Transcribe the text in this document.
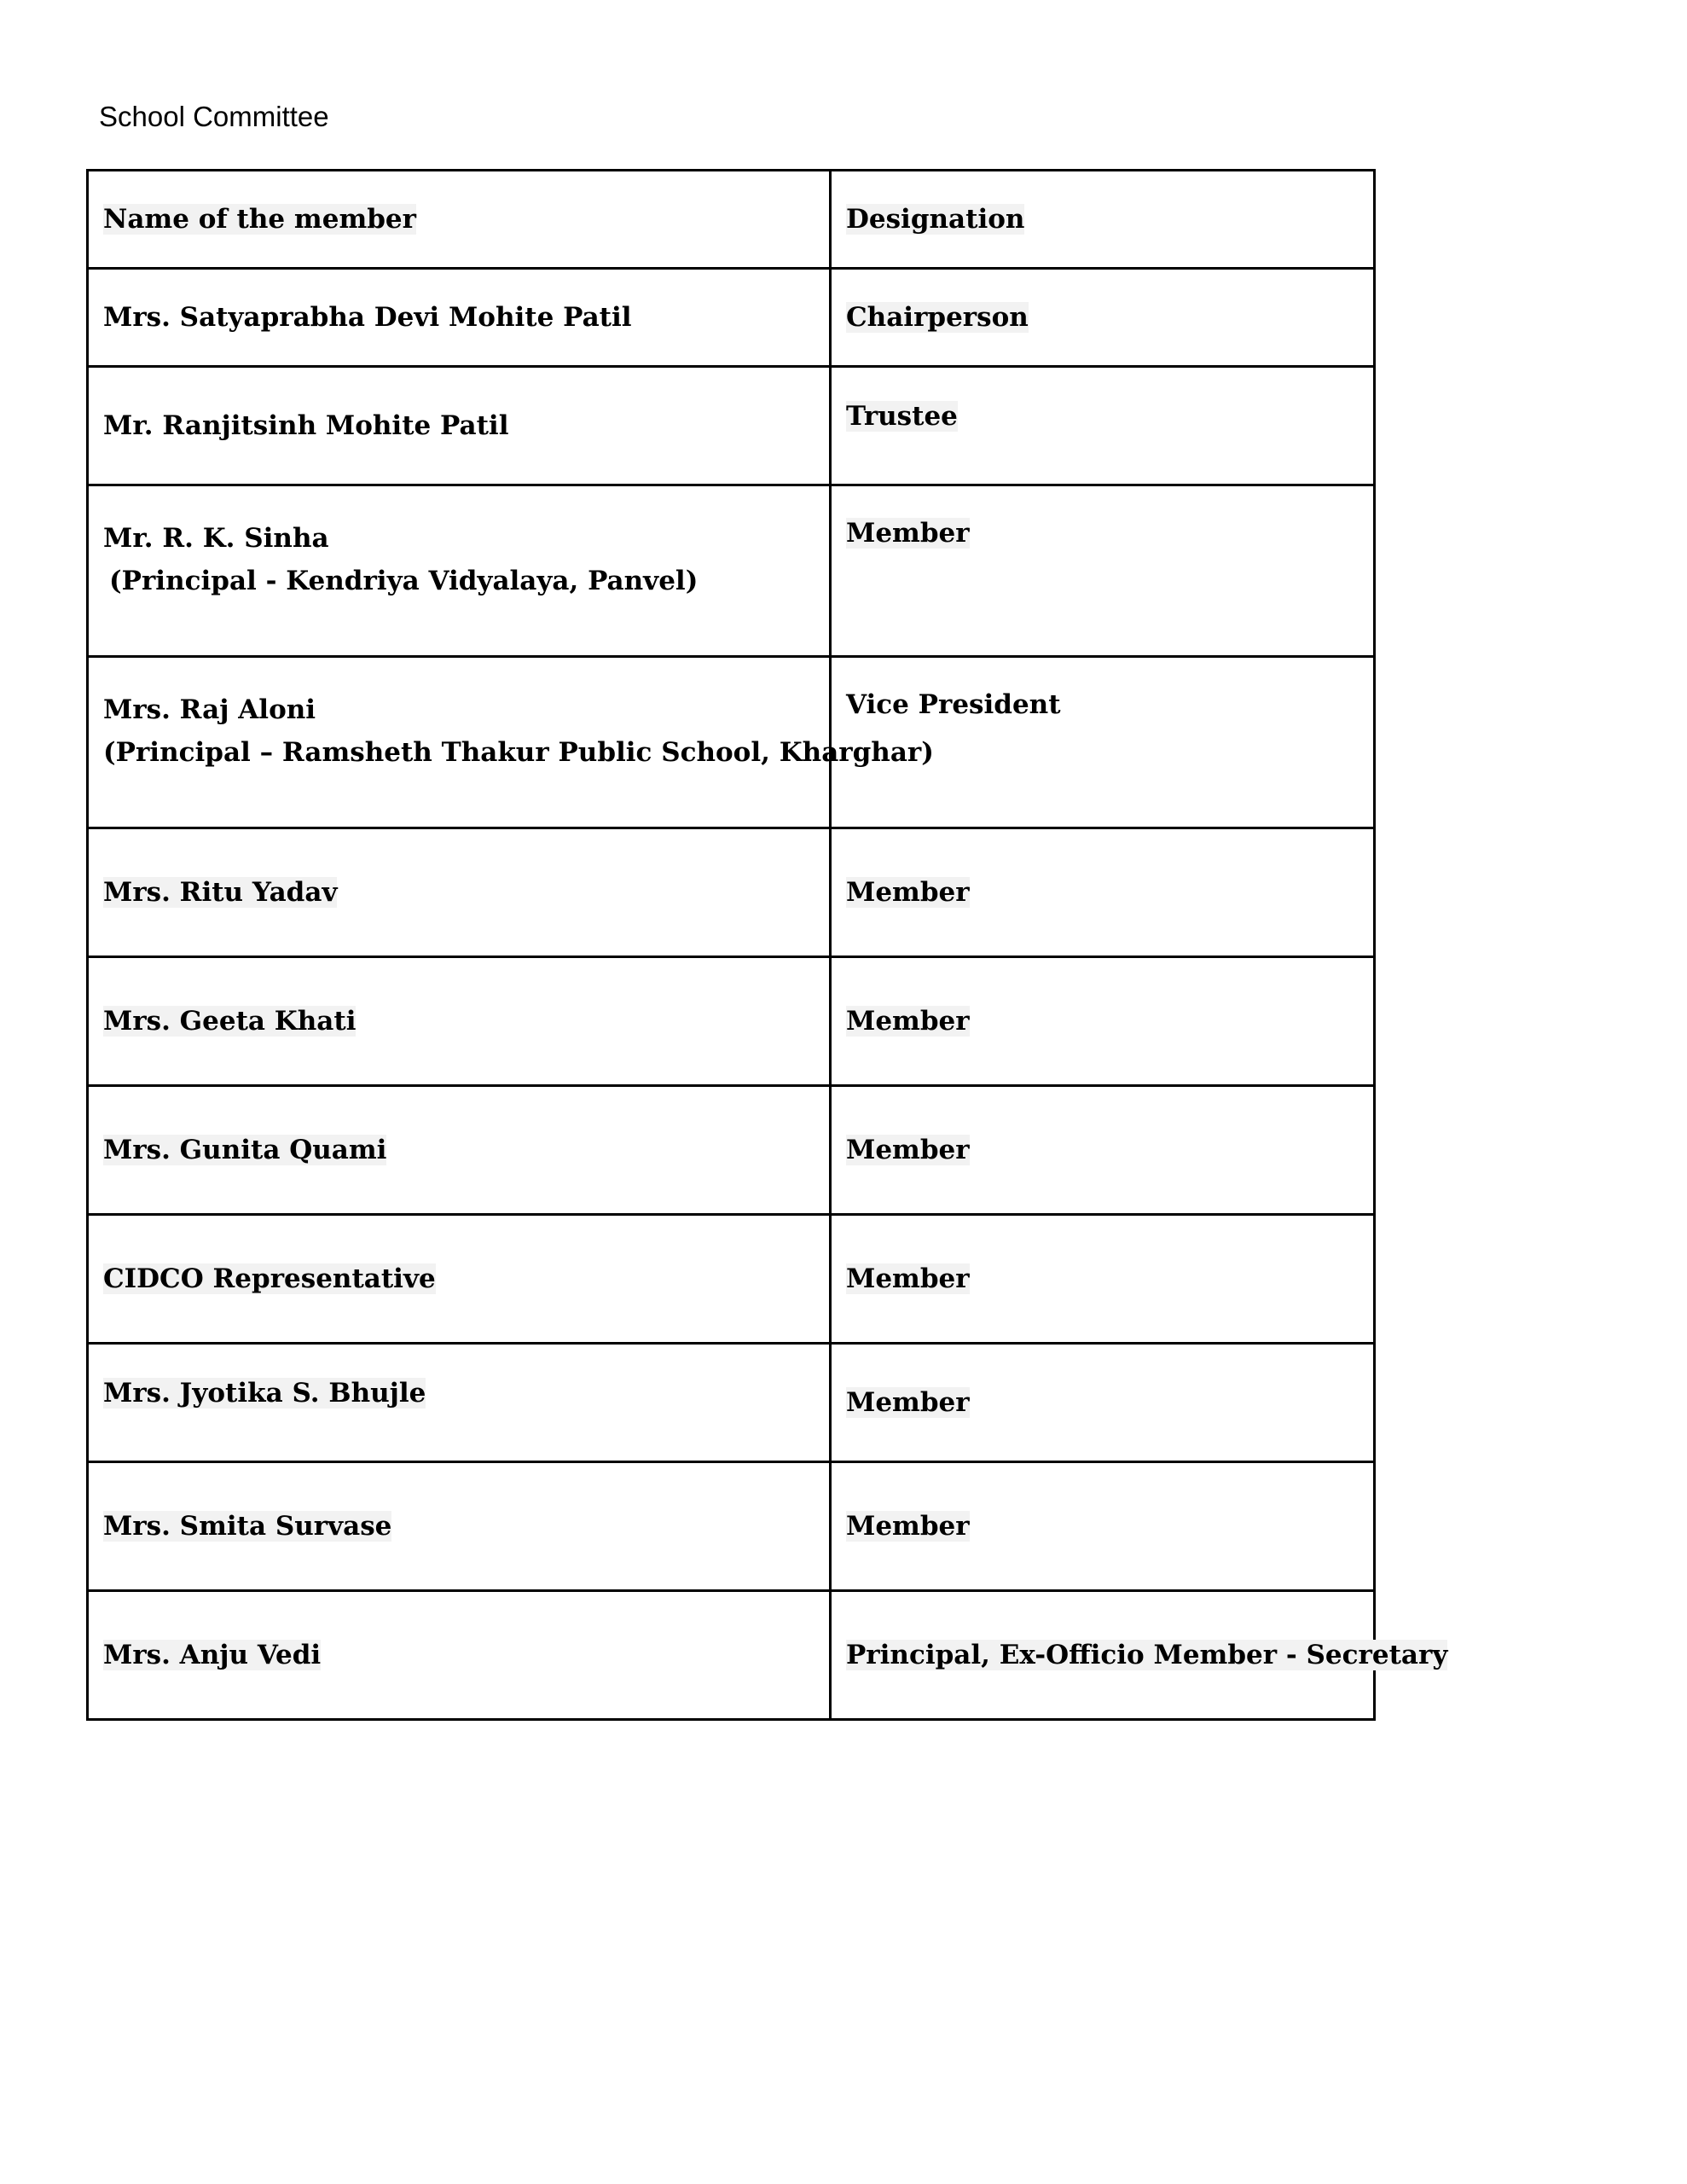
School Committee
Name of the member	Designation
Mrs. Satyaprabha Devi Mohite Patil	Chairperson
Mr. Ranjitsinh Mohite Patil	Trustee

Mr. R. K. Sinha
(Principal - Kendriya Vidyalaya, Panvel)	Member

Mrs. Raj Aloni
(Principal – Ramsheth Thakur Public School, Kharghar)	Vice President
Mrs. Ritu Yadav	Member
Mrs. Geeta Khati	Member
Mrs. Gunita Quami	Member
CIDCO Representative	Member
Mrs. Jyotika S. Bhujle	Member
Mrs. Smita Survase	Member
Mrs. Anju Vedi	Principal, Ex-Officio Member - Secretary
